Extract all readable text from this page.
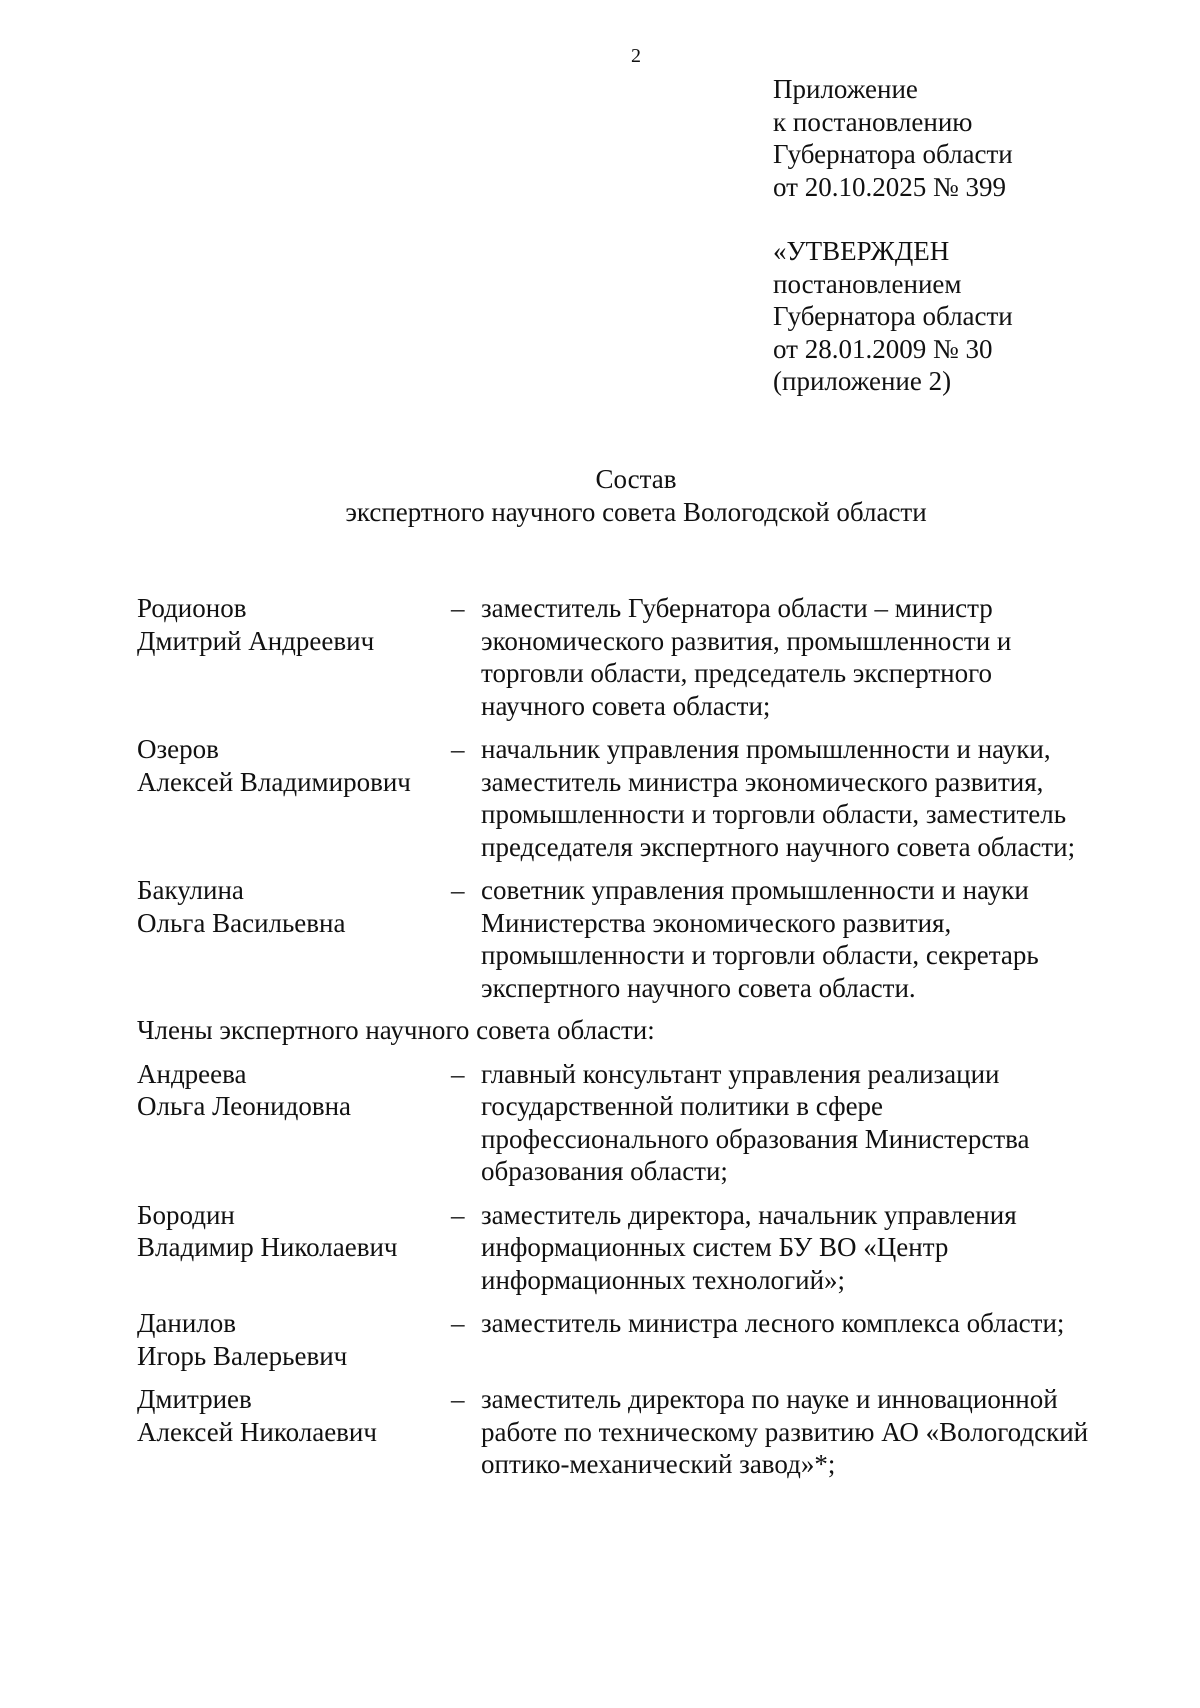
2
Приложение
к постановлению
Губернатора области
от 20.10.2025 № 399
«УТВЕРЖДЕН
постановлением
Губернатора области
от 28.01.2009 № 30
(приложение 2)
Состав
экспертного научного совета Вологодской области
Родионов
Дмитрий Андреевич
– заместитель Губернатора области – министр
экономического развития, промышленности и
торговли области, председатель экспертного
научного совета области;
Озеров
Алексей Владимирович
– начальник управления промышленности и науки,
заместитель министра экономического развития,
промышленности и торговли области, заместитель
председателя экспертного научного совета области;
Бакулина
Ольга Васильевна
– советник управления промышленности и науки
Министерства экономического развития,
промышленности и торговли области, секретарь
экспертного научного совета области.
Члены экспертного научного совета области:
Андреева
Ольга Леонидовна
– главный консультант управления реализации
государственной политики в сфере
профессионального образования Министерства
образования области;
Бородин
Владимир Николаевич
– заместитель директора, начальник управления
информационных систем БУ ВО «Центр
информационных технологий»;
Данилов
Игорь Валерьевич
– заместитель министра лесного комплекса области;
Дмитриев
Алексей Николаевич
– заместитель директора по науке и инновационной
работе по техническому развитию АО «Вологодский
оптико-механический завод»*;
